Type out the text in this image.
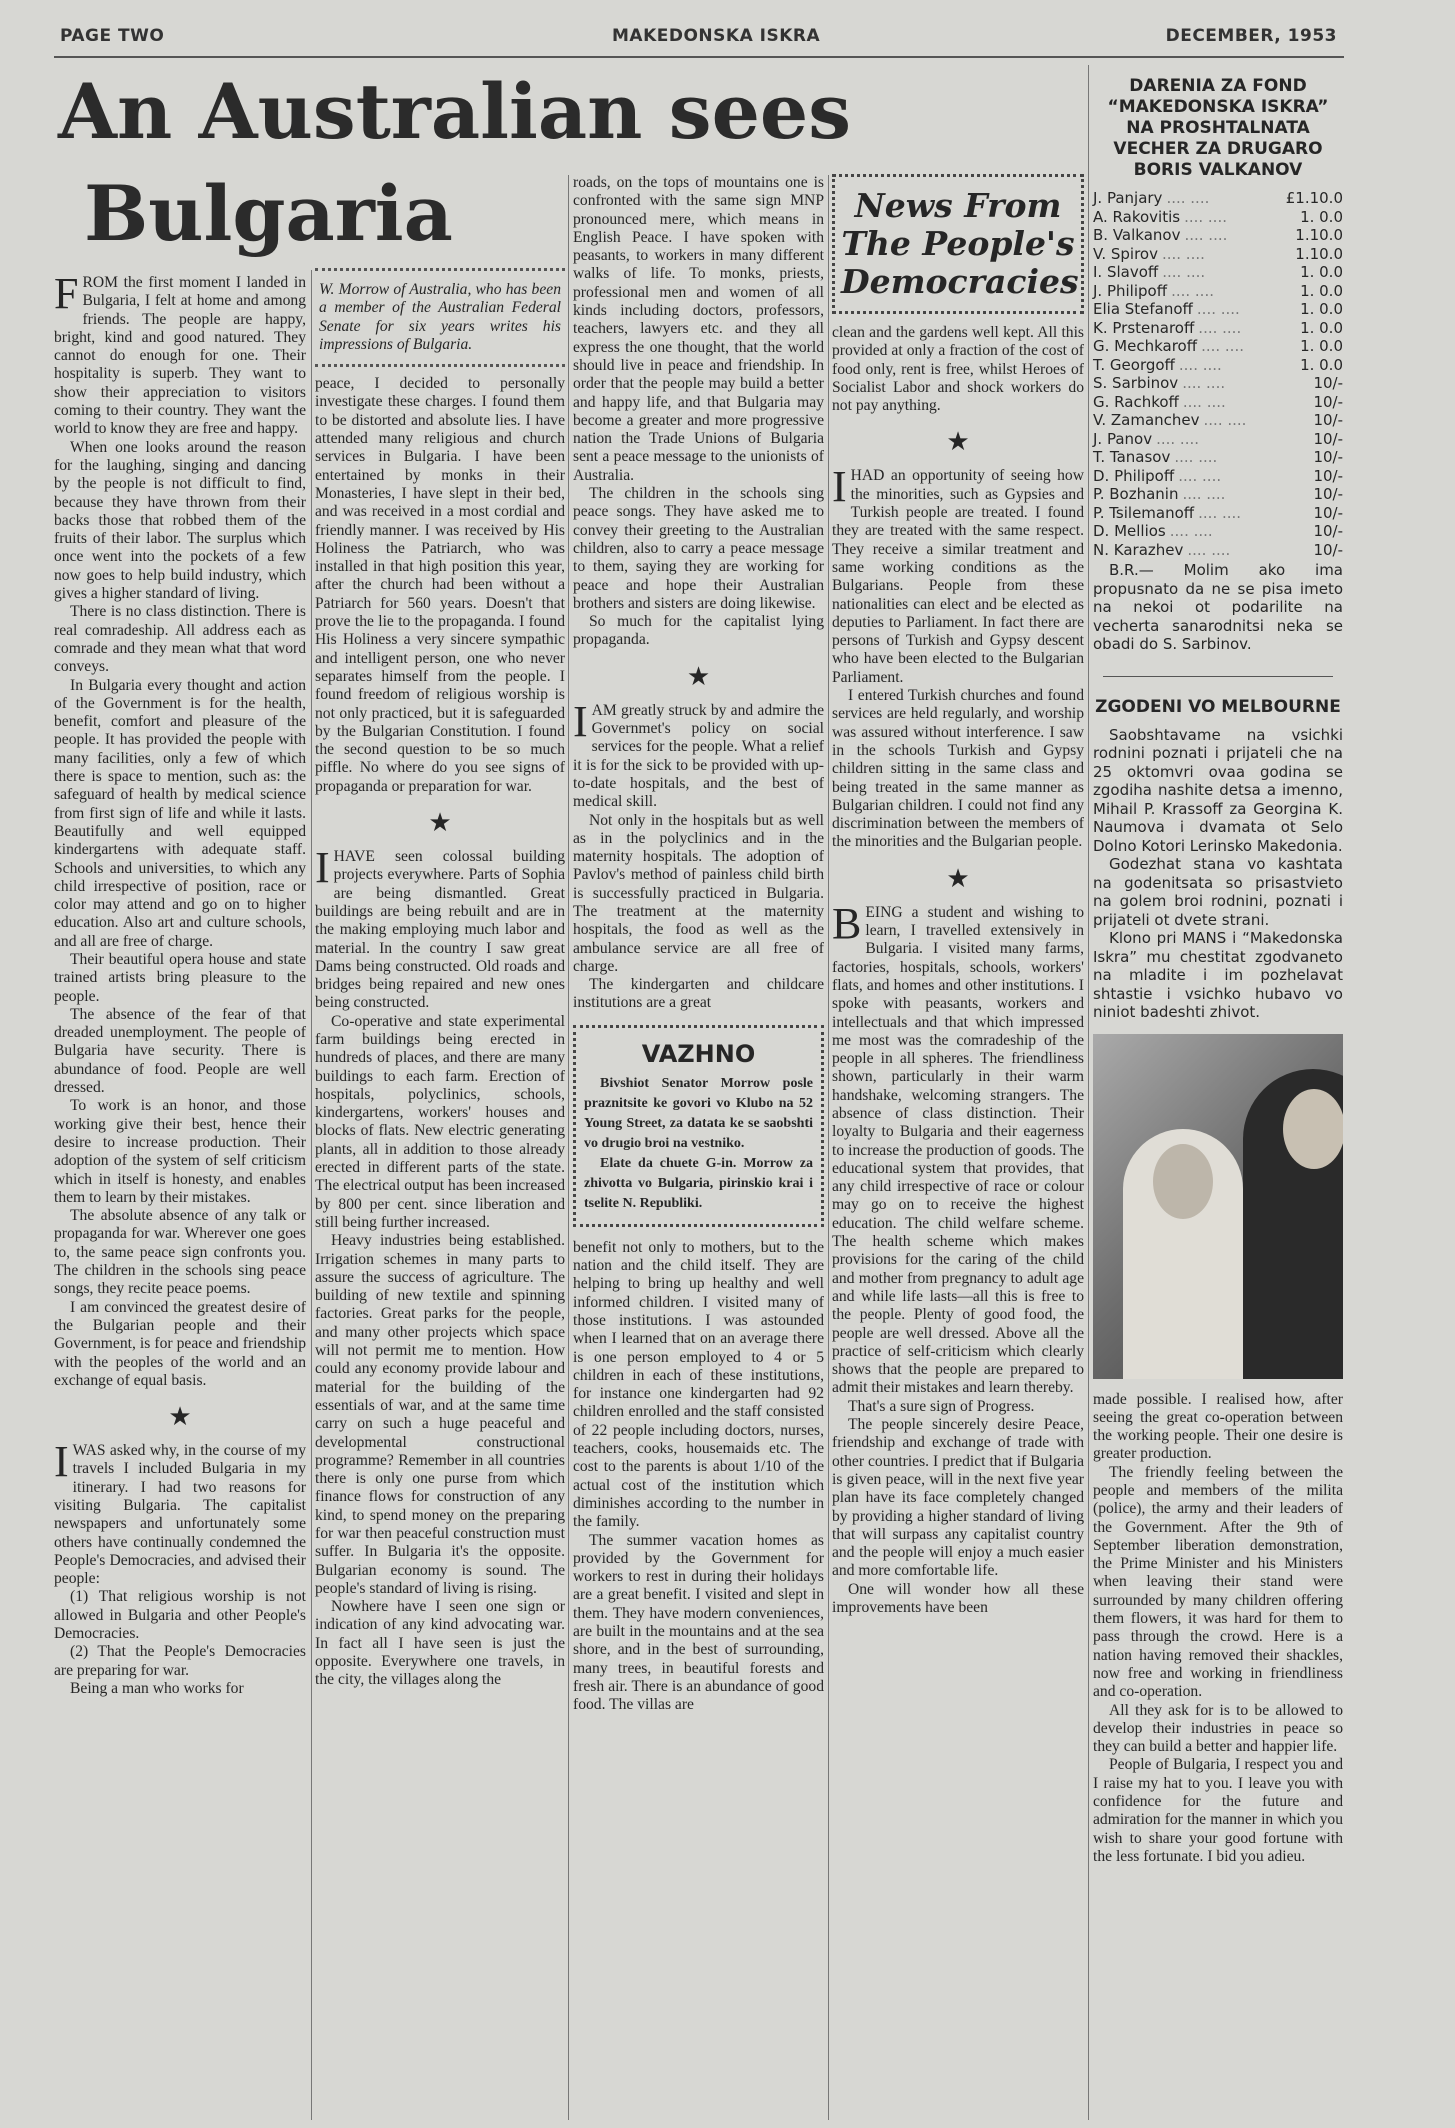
PAGE TWO	MAKEDONSKA ISKRA	DECEMBER, 1953
An Australian sees
Bulgaria

FROM the first moment I landed in Bulgaria, I felt at home and among friends. The people are happy, bright, kind and good natured. They cannot do enough for one. Their hospitality is superb. They want to show their appreciation to visitors coming to their country. They want the world to know they are free and happy.

When one looks around the reason for the laughing, singing and dancing by the people is not difficult to find, because they have thrown from their backs those that robbed them of the fruits of their labor. The surplus which once went into the pockets of a few now goes to help build industry, which gives a higher standard of living.

There is no class distinction. There is real comradeship. All address each as comrade and they mean what that word conveys.

In Bulgaria every thought and action of the Government is for the health, benefit, comfort and pleasure of the people. It has provided the people with many facilities, only a few of which there is space to mention, such as: the safeguard of health by medical science from first sign of life and while it lasts. Beautifully and well equipped kindergartens with adequate staff. Schools and universities, to which any child irrespective of position, race or color may attend and go on to higher education. Also art and culture schools, and all are free of charge.

Their beautiful opera house and state trained artists bring pleasure to the people.

The absence of the fear of that dreaded unemployment. The people of Bulgaria have security. There is abundance of food. People are well dressed.

To work is an honor, and those working give their best, hence their desire to increase production. Their adoption of the system of self criticism which in itself is honesty, and enables them to learn by their mistakes.

The absolute absence of any talk or propaganda for war. Wherever one goes to, the same peace sign confronts you. The children in the schools sing peace songs, they recite peace poems.

I am convinced the greatest desire of the Bulgarian people and their Government, is for peace and friendship with the peoples of the world and an exchange of equal basis.

★

IWAS asked why, in the course of my travels I included Bulgaria in my itinerary. I had two reasons for visiting Bulgaria. The capitalist newspapers and unfortunately some others have continually condemned the People's Democracies, and advised their people:

(1) That religious worship is not allowed in Bulgaria and other People's Democracies.

(2) That the People's Democracies are preparing for war.

Being a man who works for

W. Morrow of Australia, who has been a member of the Australian Federal Senate for six years writes his impressions of Bulgaria.

peace, I decided to personally investigate these charges. I found them to be distorted and absolute lies. I have attended many religious and church services in Bulgaria. I have been entertained by monks in their Monasteries, I have slept in their bed, and was received in a most cordial and friendly manner. I was received by His Holiness the Patriarch, who was installed in that high position this year, after the church had been without a Patriarch for 560 years. Doesn't that prove the lie to the propaganda. I found His Holiness a very sincere sympathic and intelligent person, one who never separates himself from the people. I found freedom of religious worship is not only practiced, but it is safeguarded by the Bulgarian Constitution. I found the second question to be so much piffle. No where do you see signs of propaganda or preparation for war.

★

IHAVE seen colossal building projects everywhere. Parts of Sophia are being dismantled. Great buildings are being rebuilt and are in the making employing much labor and material. In the country I saw great Dams being constructed. Old roads and bridges being repaired and new ones being constructed.

Co-operative and state experimental farm buildings being erected in hundreds of places, and there are many buildings to each farm. Erection of hospitals, polyclinics, schools, kindergartens, workers' houses and blocks of flats. New electric generating plants, all in addition to those already erected in different parts of the state. The electrical output has been increased by 800 per cent. since liberation and still being further increased.

Heavy industries being established. Irrigation schemes in many parts to assure the success of agriculture. The building of new textile and spinning factories. Great parks for the people, and many other projects which space will not permit me to mention. How could any economy provide labour and material for the building of the essentials of war, and at the same time carry on such a huge peaceful and developmental constructional programme? Remember in all countries there is only one purse from which finance flows for construction of any kind, to spend money on the preparing for war then peaceful construction must suffer. In Bulgaria it's the opposite. Bulgarian economy is sound. The people's standard of living is rising.

Nowhere have I seen one sign or indication of any kind advocating war. In fact all I have seen is just the opposite. Everywhere one travels, in the city, the villages along the

roads, on the tops of mountains one is confronted with the same sign MNP pronounced mere, which means in English Peace. I have spoken with peasants, to workers in many different walks of life. To monks, priests, professional men and women of all kinds including doctors, professors, teachers, lawyers etc. and they all express the one thought, that the world should live in peace and friendship. In order that the people may build a better and happy life, and that Bulgaria may become a greater and more progressive nation the Trade Unions of Bulgaria sent a peace message to the unionists of Australia.

The children in the schools sing peace songs. They have asked me to convey their greeting to the Australian children, also to carry a peace message to them, saying they are working for peace and hope their Australian brothers and sisters are doing likewise.

So much for the capitalist lying propaganda.

★

IAM greatly struck by and admire the Governmet's policy on social services for the people. What a relief it is for the sick to be provided with up-to-date hospitals, and the best of medical skill.

Not only in the hospitals but as well as in the polyclinics and in the maternity hospitals. The adoption of Pavlov's method of painless child birth is successfully practiced in Bulgaria. The treatment at the maternity hospitals, the food as well as the ambulance service are all free of charge.

The kindergarten and childcare institutions are a great

VAZHNO

Bivshiot Senator Morrow posle praznitsite ke govori vo Klubo na 52 Young Street, za datata ke se saobshti vo drugio broi na vestniko.

Elate da chuete G-in. Morrow za zhivotta vo Bulgaria, pirinskio krai i tselite N. Republiki.

benefit not only to mothers, but to the nation and the child itself. They are helping to bring up healthy and well informed children. I visited many of those institutions. I was astounded when I learned that on an average there is one person employed to 4 or 5 children in each of these institutions, for instance one kindergarten had 92 children enrolled and the staff consisted of 22 people including doctors, nurses, teachers, cooks, housemaids etc. The cost to the parents is about 1/10 of the actual cost of the institution which diminishes according to the number in the family.

The summer vacation homes as provided by the Government for workers to rest in during their holidays are a great benefit. I visited and slept in them. They have modern conveniences, are built in the mountains and at the sea shore, and in the best of surrounding, many trees, in beautiful forests and fresh air. There is an abundance of good food. The villas are

News From
The People's
Democracies

clean and the gardens well kept. All this provided at only a fraction of the cost of food only, rent is free, whilst Heroes of Socialist Labor and shock workers do not pay anything.

★

IHAD an opportunity of seeing how the minorities, such as Gypsies and Turkish people are treated. I found they are treated with the same respect. They receive a similar treatment and same working conditions as the Bulgarians. People from these nationalities can elect and be elected as deputies to Parliament. In fact there are persons of Turkish and Gypsy descent who have been elected to the Bulgarian Parliament.

I entered Turkish churches and found services are held regularly, and worship was assured without interference. I saw in the schools Turkish and Gypsy children sitting in the same class and being treated in the same manner as Bulgarian children. I could not find any discrimination between the members of the minorities and the Bulgarian people.

★

BEING a student and wishing to learn, I travelled extensively in Bulgaria. I visited many farms, factories, hospitals, schools, workers' flats, and homes and other institutions. I spoke with peasants, workers and intellectuals and that which impressed me most was the comradeship of the people in all spheres. The friendliness shown, particularly in their warm handshake, welcoming strangers. The absence of class distinction. Their loyalty to Bulgaria and their eagerness to increase the production of goods. The educational system that provides, that any child irrespective of race or colour may go on to receive the highest education. The child welfare scheme. The health scheme which makes provisions for the caring of the child and mother from pregnancy to adult age and while life lasts—all this is free to the people. Plenty of good food, the people are well dressed. Above all the practice of self-criticism which clearly shows that the people are prepared to admit their mistakes and learn thereby.

That's a sure sign of Progress.

The people sincerely desire Peace, friendship and exchange of trade with other countries. I predict that if Bulgaria is given peace, will in the next five year plan have its face completely changed by providing a higher standard of living that will surpass any capitalist country and the people will enjoy a much easier and more comfortable life.

One will wonder how all these improvements have been

DARENIA ZA FOND “MAKEDONSKA ISKRA” NA PROSHTALNATA VECHER ZA DRUGARO BORIS VALKANOV
J. Panjary .... ....	£1.10.0
A. Rakovitis .... ....	1. 0.0
B. Valkanov .... ....	1.10.0
V. Spirov .... ....	1.10.0
I. Slavoff .... ....	1. 0.0
J. Philipoff .... ....	1. 0.0
Elia Stefanoff .... ....	1. 0.0
K. Prstenaroff .... ....	1. 0.0
G. Mechkaroff .... ....	1. 0.0
T. Georgoff .... ....	1. 0.0
S. Sarbinov .... ....	10/-
G. Rachkoff .... ....	10/-
V. Zamanchev .... ....	10/-
J. Panov .... ....	10/-
T. Tanasov .... ....	10/-
D. Philipoff .... ....	10/-
P. Bozhanin .... ....	10/-
P. Tsilemanoff .... ....	10/-
D. Mellios .... ....	10/-
N. Karazhev .... ....	10/-

B.R.— Molim ako ima propusnato da ne se pisa imeto na nekoi ot podarilite na vecherta sanarodnitsi neka se obadi do S. Sarbinov.

ZGODENI VO MELBOURNE

Saobshtavame na vsichki rodnini poznati i prijateli che na 25 oktomvri ovaa godina se zgodiha nashite detsa a imenno, Mihail P. Krassoff za Georgina K. Naumova i dvamata ot Selo Dolno Kotori Lerinsko Makedonia.

Godezhat stana vo kashtata na godenitsata so prisastvieto na golem broi rodnini, poznati i prijateli ot dvete strani.

Klono pri MANS i “Makedonska Iskra” mu chestitat zgodvaneto na mladite i im pozhelavat shtastie i vsichko hubavo vo niniot badeshti zhivot.

made possible. I realised how, after seeing the great co-operation between the working people. Their one desire is greater production.

The friendly feeling between the people and members of the milita (police), the army and their leaders of the Government. After the 9th of September liberation demonstration, the Prime Minister and his Ministers when leaving their stand were surrounded by many children offering them flowers, it was hard for them to pass through the crowd. Here is a nation having removed their shackles, now free and working in friendliness and co-operation.

All they ask for is to be allowed to develop their industries in peace so they can build a better and happier life.

People of Bulgaria, I respect you and I raise my hat to you. I leave you with confidence for the future and admiration for the manner in which you wish to share your good fortune with the less fortunate. I bid you adieu.
